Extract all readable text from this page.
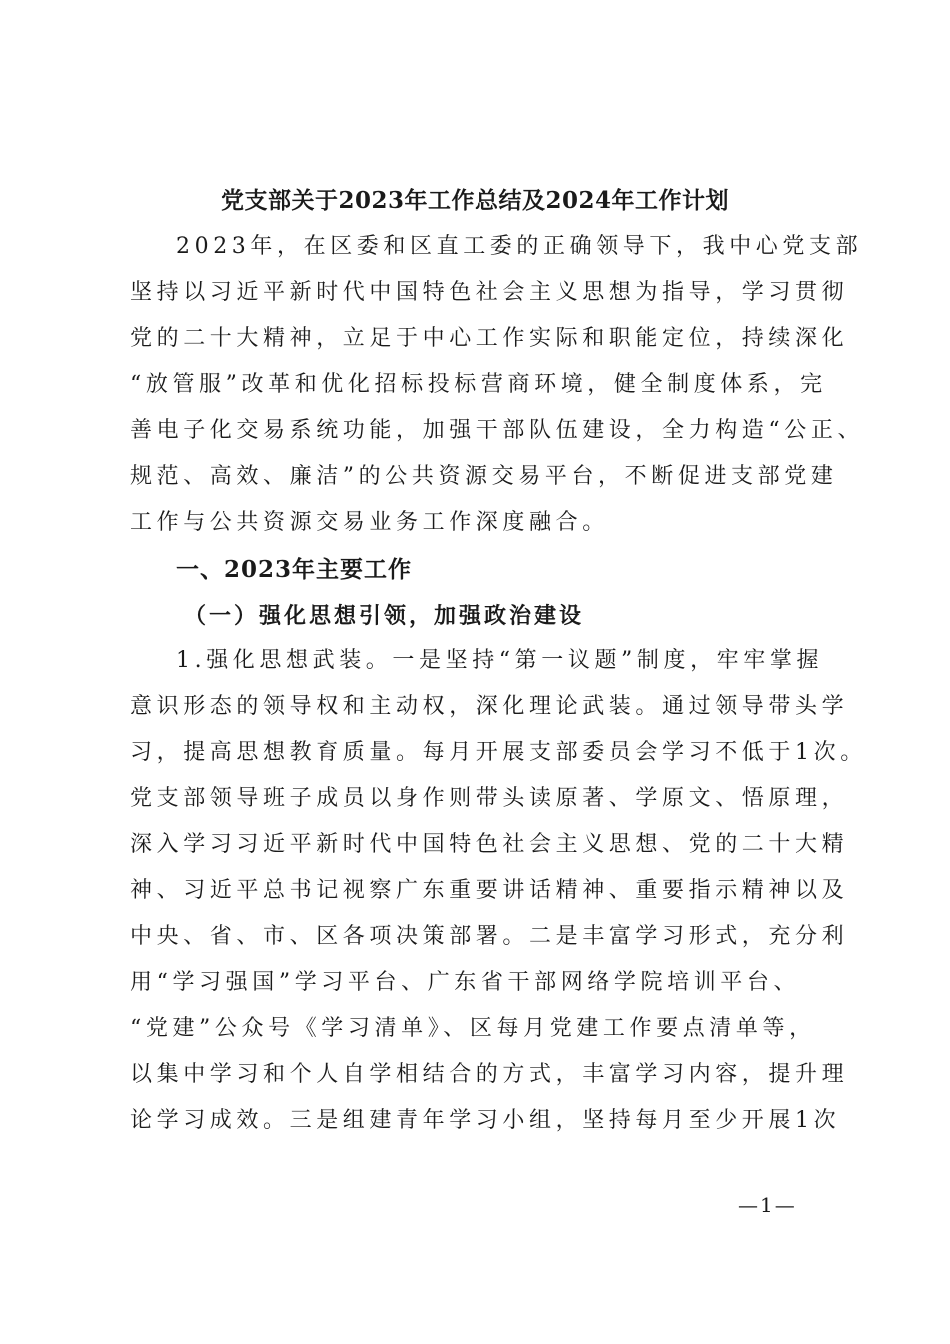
党支部关于2023年工作总结及2024年工作计划
2023年，在区委和区直工委的正确领导下，我中心党支部
坚持以习近平新时代中国特色社会主义思想为指导，学习贯彻
党的二十大精神，立足于中心工作实际和职能定位，持续深化
“放管服”改革和优化招标投标营商环境，健全制度体系，完
善电子化交易系统功能，加强干部队伍建设，全力构造“公正、
规范、高效、廉洁”的公共资源交易平台，不断促进支部党建
工作与公共资源交易业务工作深度融合。
一、2023年主要工作
（一）强化思想引领，加强政治建设
1.强化思想武装。一是坚持“第一议题”制度，牢牢掌握
意识形态的领导权和主动权，深化理论武装。通过领导带头学
习，提高思想教育质量。每月开展支部委员会学习不低于1次。
党支部领导班子成员以身作则带头读原著、学原文、悟原理，
深入学习习近平新时代中国特色社会主义思想、党的二十大精
神、习近平总书记视察广东重要讲话精神、重要指示精神以及
中央、省、市、区各项决策部署。二是丰富学习形式，充分利
用“学习强国”学习平台、广东省干部网络学院培训平台、
“党建”公众号《学习清单》、区每月党建工作要点清单等，
以集中学习和个人自学相结合的方式，丰富学习内容，提升理
论学习成效。三是组建青年学习小组，坚持每月至少开展1次
—1—
